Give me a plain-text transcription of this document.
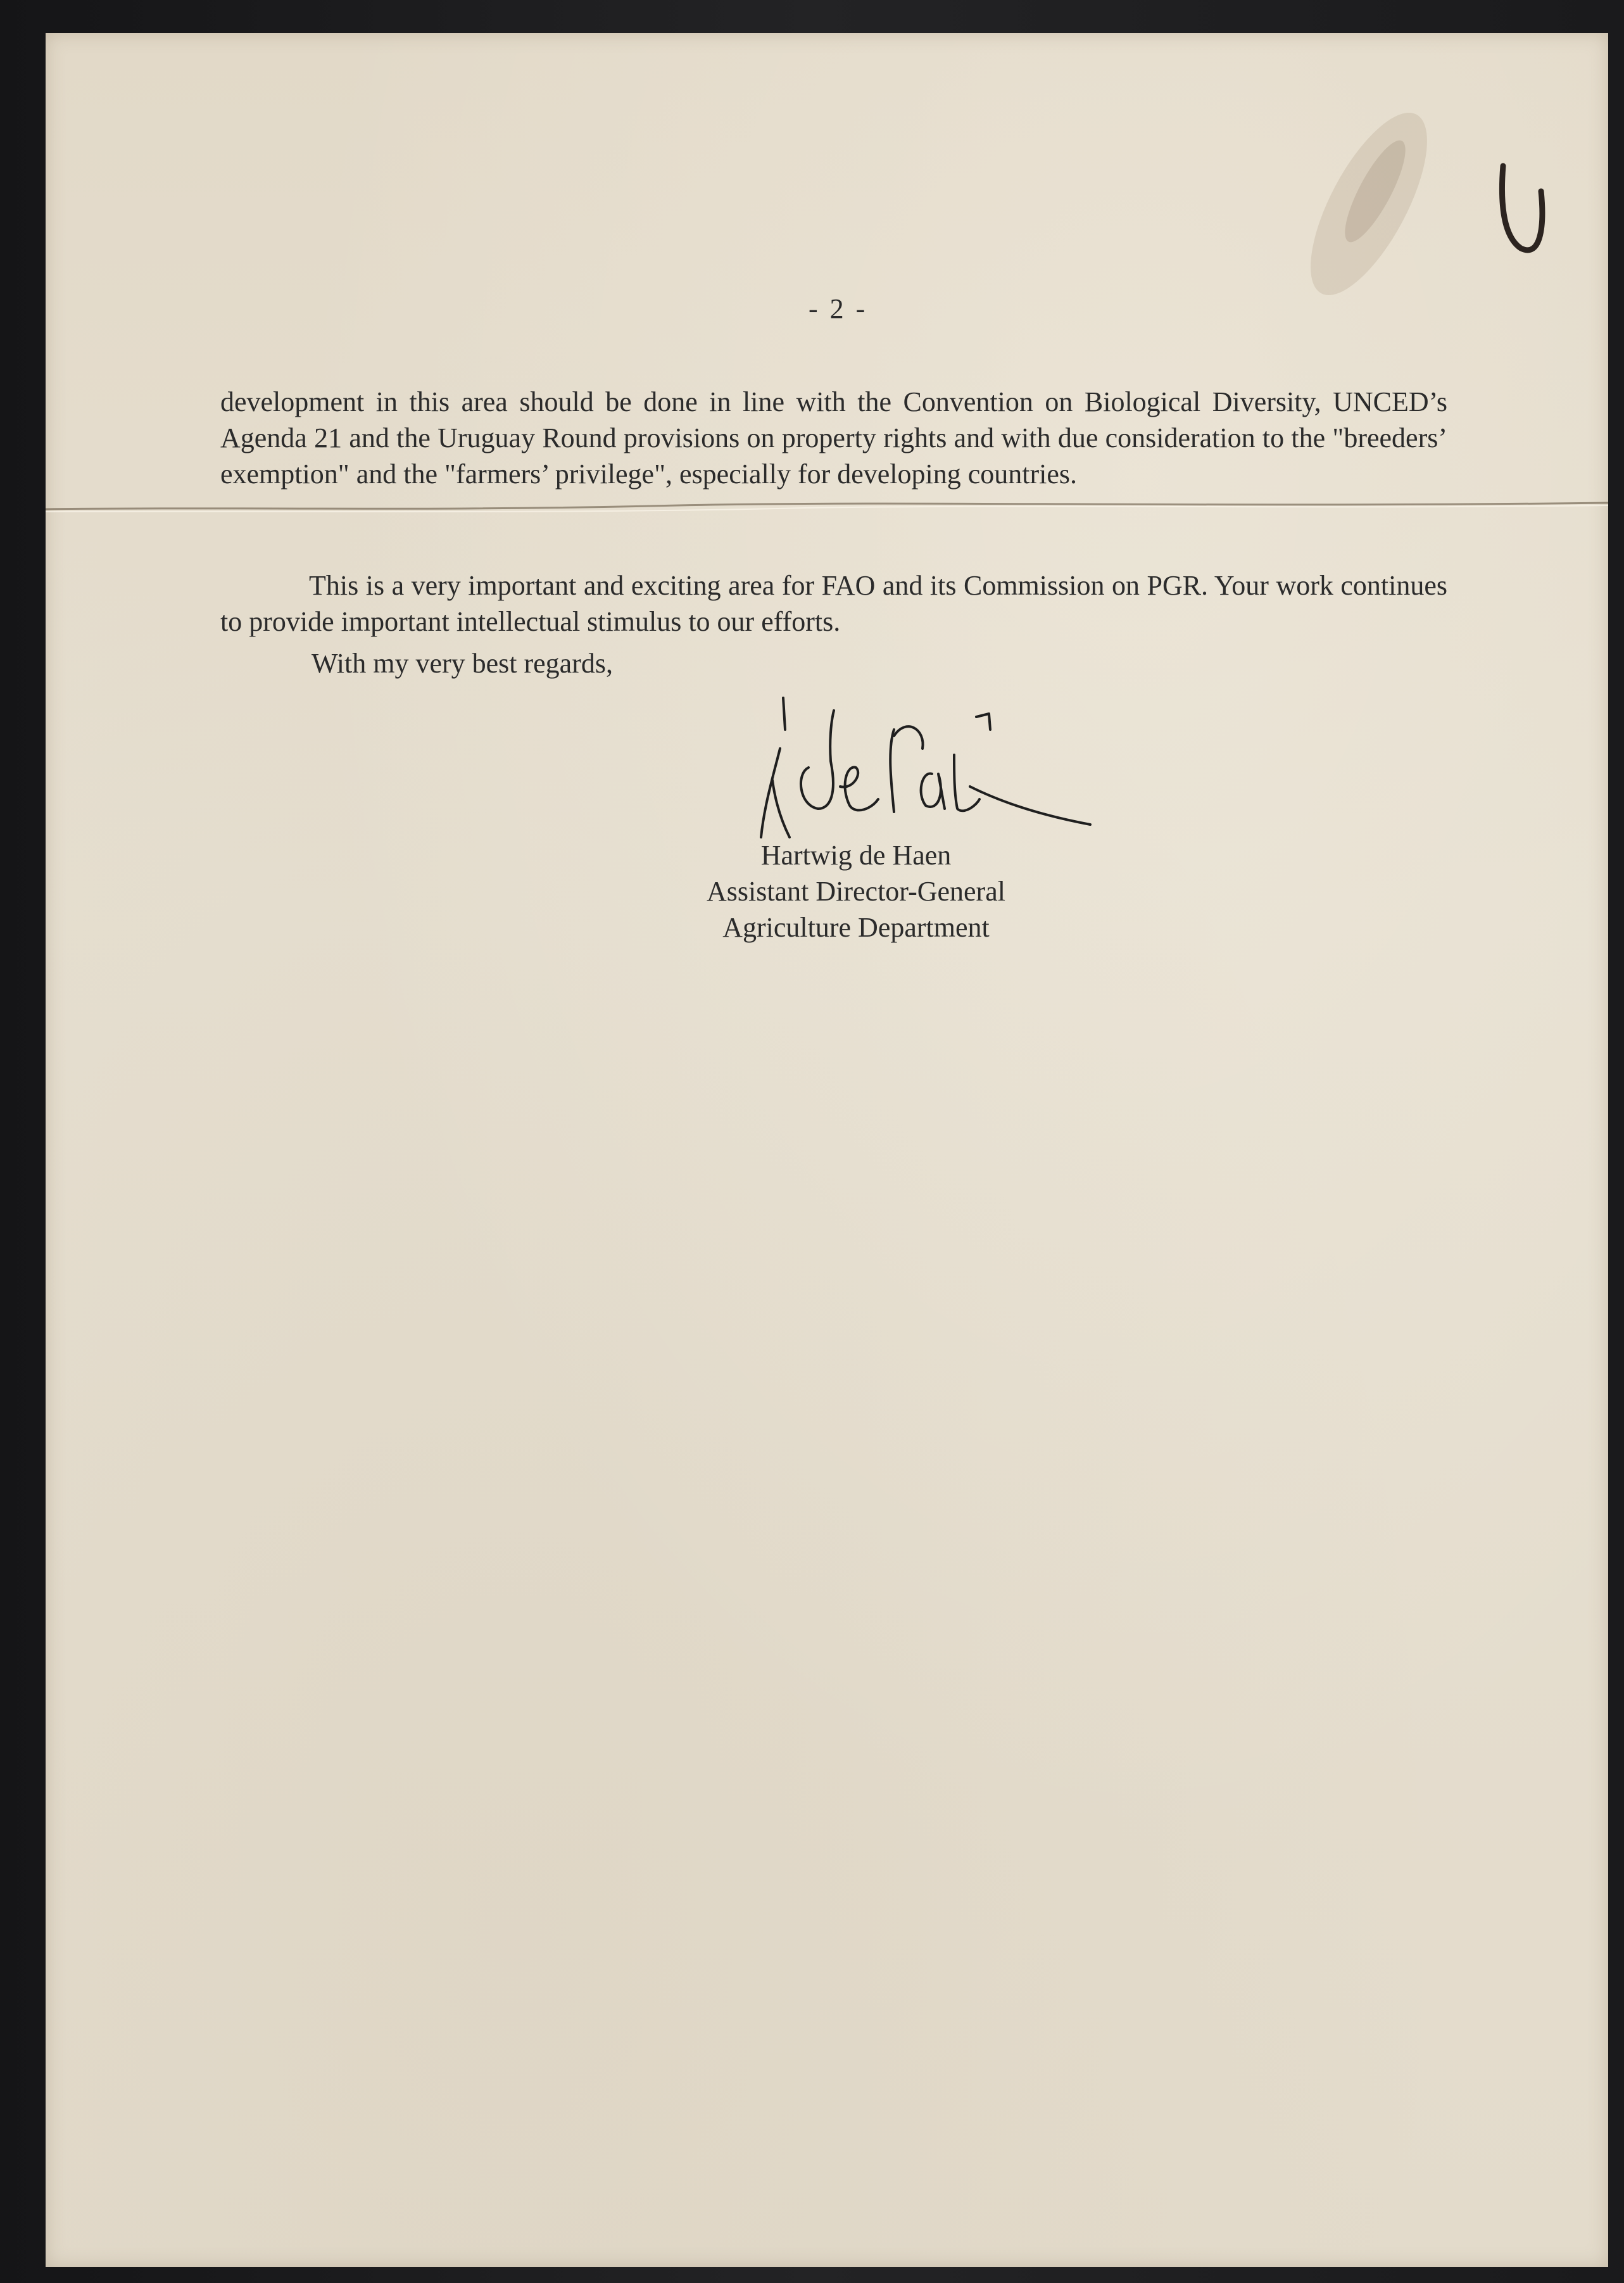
- 2 -

development in this area should be done in line with the Convention on Biological Diversity, UNCED’s Agenda 21 and the Uruguay Round provisions on property rights and with due consideration to the "breeders’ exemption" and the "farmers’ privilege", especially for developing countries.

This is a very important and exciting area for FAO and its Commission on PGR. Your work continues to provide important intellectual stimulus to our efforts.

With my very best regards,
Hartwig de Haen
Assistant Director-General
Agriculture Department
